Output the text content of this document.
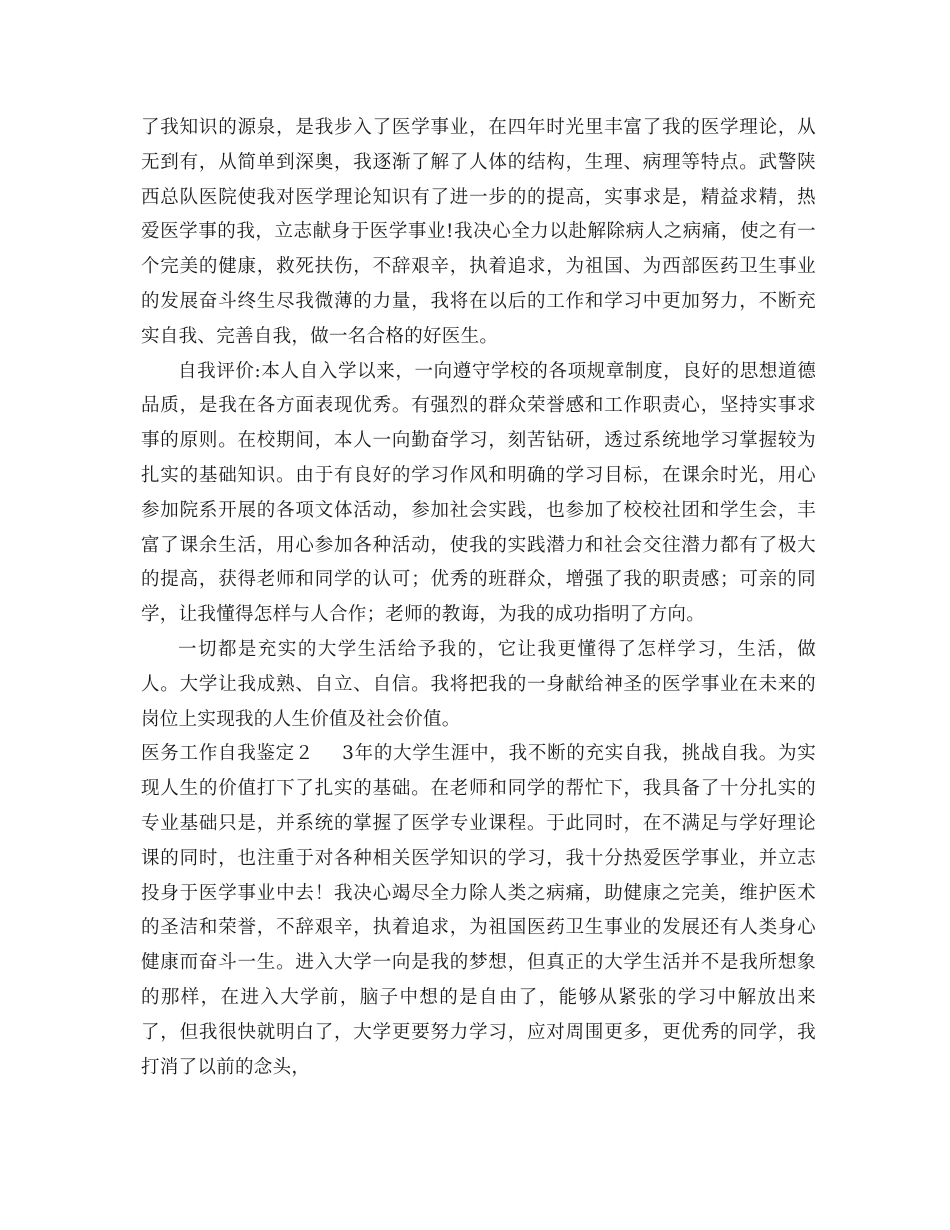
了我知识的源泉，是我步入了医学事业，在四年时光里丰富了我的医学理论，从无到有，从简单到深奥，我逐渐了解了人体的结构，生理、病理等特点。武警陕西总队医院使我对医学理论知识有了进一步的的提高，实事求是，精益求精，热爱医学事的我，立志献身于医学事业!我决心全力以赴解除病人之病痛，使之有一个完美的健康，救死扶伤，不辞艰辛，执着追求，为祖国、为西部医药卫生事业的发展奋斗终生尽我微薄的力量，我将在以后的工作和学习中更加努力，不断充实自我、完善自我，做一名合格的好医生。

自我评价:本人自入学以来，一向遵守学校的各项规章制度，良好的思想道德品质，是我在各方面表现优秀。有强烈的群众荣誉感和工作职责心，坚持实事求事的原则。在校期间，本人一向勤奋学习，刻苦钻研，透过系统地学习掌握较为扎实的基础知识。由于有良好的学习作风和明确的学习目标，在课余时光，用心参加院系开展的各项文体活动，参加社会实践，也参加了校校社团和学生会，丰富了课余生活，用心参加各种活动，使我的实践潜力和社会交往潜力都有了极大的提高，获得老师和同学的认可；优秀的班群众，增强了我的职责感；可亲的同学，让我懂得怎样与人合作；老师的教诲，为我的成功指明了方向。

一切都是充实的大学生活给予我的，它让我更懂得了怎样学习，生活，做人。大学让我成熟、自立、自信。我将把我的一身献给神圣的医学事业在未来的岗位上实现我的人生价值及社会价值。

医务工作自我鉴定２ 3年的大学生涯中，我不断的充实自我，挑战自我。为实现人生的价值打下了扎实的基础。在老师和同学的帮忙下，我具备了十分扎实的专业基础只是，并系统的掌握了医学专业课程。于此同时，在不满足与学好理论课的同时，也注重于对各种相关医学知识的学习，我十分热爱医学事业，并立志投身于医学事业中去！我决心竭尽全力除人类之病痛，助健康之完美，维护医术的圣洁和荣誉，不辞艰辛，执着追求，为祖国医药卫生事业的发展还有人类身心健康而奋斗一生。进入大学一向是我的梦想，但真正的大学生活并不是我所想象的那样，在进入大学前，脑子中想的是自由了，能够从紧张的学习中解放出来了，但我很快就明白了，大学更要努力学习，应对周围更多，更优秀的同学，我打消了以前的念头，
